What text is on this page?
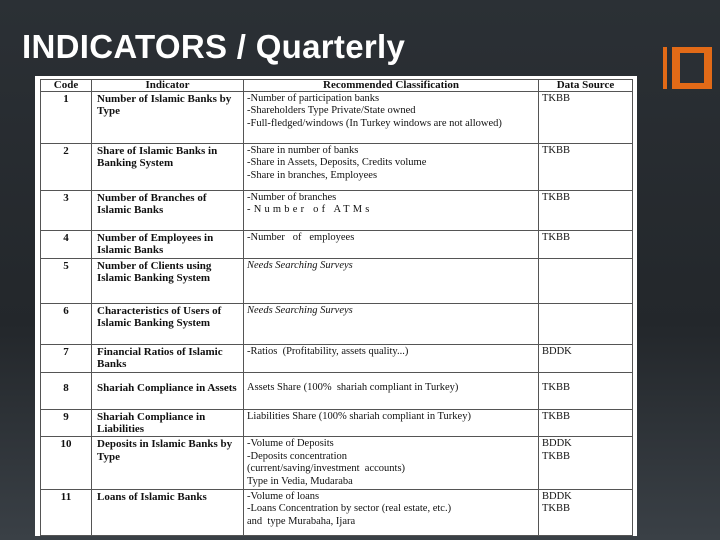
INDICATORS / Quarterly
Code	Indicator	Recommended Classification	Data Source
1	Number of Islamic Banks by Type	-Number of participation banks
-Shareholders Type Private/State owned
-Full-fledged/windows (In Turkey windows are not allowed)	TKBB

2	Share of Islamic Banks in Banking System	-Share in number of banks
-Share in Assets, Deposits, Credits volume
-Share in branches, Employees	TKBB

3	Number of Branches of Islamic Banks	-Number of branches
-Number of ATMs	TKBB

4	Number of Employees in Islamic Banks	-Number   of   employees	TKBB

5	Number of Clients using Islamic Banking System	Needs Searching Surveys	

6	Characteristics of Users of Islamic Banking System	Needs Searching Surveys	

7	Financial Ratios of Islamic Banks	-Ratios  (Profitability, assets quality...)	BDDK

8	Shariah Compliance in Assets	Assets Share (100%  shariah compliant in Turkey)	TKBB

9	Shariah Compliance in Liabilities	Liabilities Share (100% shariah compliant in Turkey)	TKBB

10	Deposits in Islamic Banks by Type	-Volume of Deposits
-Deposits concentration
(current/saving/investment  accounts)
Type in Vedia, Mudaraba	BDDK
TKBB

11	Loans of Islamic Banks	-Volume of loans
-Loans Concentration by sector (real estate, etc.)
and  type Murabaha, Ijara	BDDK
TKBB
